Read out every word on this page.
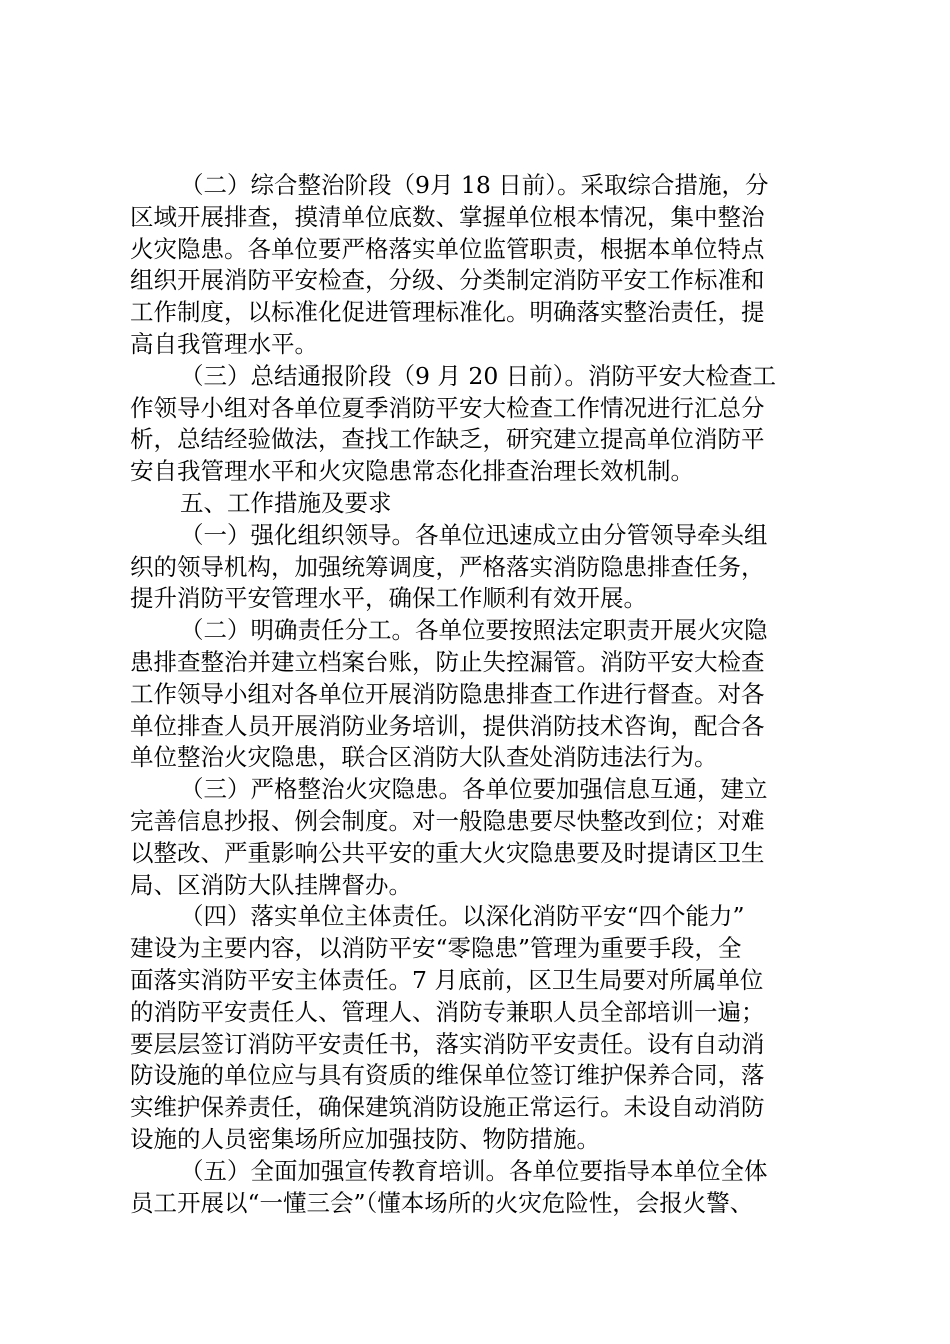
（二）综合整治阶段（9月 18 日前）。采取综合措施，分
区域开展排查，摸清单位底数、掌握单位根本情况，集中整治
火灾隐患。各单位要严格落实单位监管职责，根据本单位特点
组织开展消防平安检查，分级、分类制定消防平安工作标准和
工作制度，以标准化促进管理标准化。明确落实整治责任，提
高自我管理水平。
（三）总结通报阶段（9 月 20 日前）。消防平安大检查工
作领导小组对各单位夏季消防平安大检查工作情况进行汇总分
析，总结经验做法，查找工作缺乏，研究建立提高单位消防平
安自我管理水平和火灾隐患常态化排查治理长效机制。
五、工作措施及要求
（一）强化组织领导。各单位迅速成立由分管领导牵头组
织的领导机构，加强统筹调度，严格落实消防隐患排查任务，
提升消防平安管理水平，确保工作顺利有效开展。
（二）明确责任分工。各单位要按照法定职责开展火灾隐
患排查整治并建立档案台账，防止失控漏管。消防平安大检查
工作领导小组对各单位开展消防隐患排查工作进行督查。对各
单位排查人员开展消防业务培训，提供消防技术咨询，配合各
单位整治火灾隐患，联合区消防大队查处消防违法行为。
（三）严格整治火灾隐患。各单位要加强信息互通，建立
完善信息抄报、例会制度。对一般隐患要尽快整改到位；对难
以整改、严重影响公共平安的重大火灾隐患要及时提请区卫生
局、区消防大队挂牌督办。
（四）落实单位主体责任。以深化消防平安“四个能力”
建设为主要内容，以消防平安“零隐患”管理为重要手段，全
面落实消防平安主体责任。7 月底前，区卫生局要对所属单位
的消防平安责任人、管理人、消防专兼职人员全部培训一遍；
要层层签订消防平安责任书，落实消防平安责任。设有自动消
防设施的单位应与具有资质的维保单位签订维护保养合同，落
实维护保养责任，确保建筑消防设施正常运行。未设自动消防
设施的人员密集场所应加强技防、物防措施。
（五）全面加强宣传教育培训。各单位要指导本单位全体
员工开展以“一懂三会”（懂本场所的火灾危险性，会报火警、
